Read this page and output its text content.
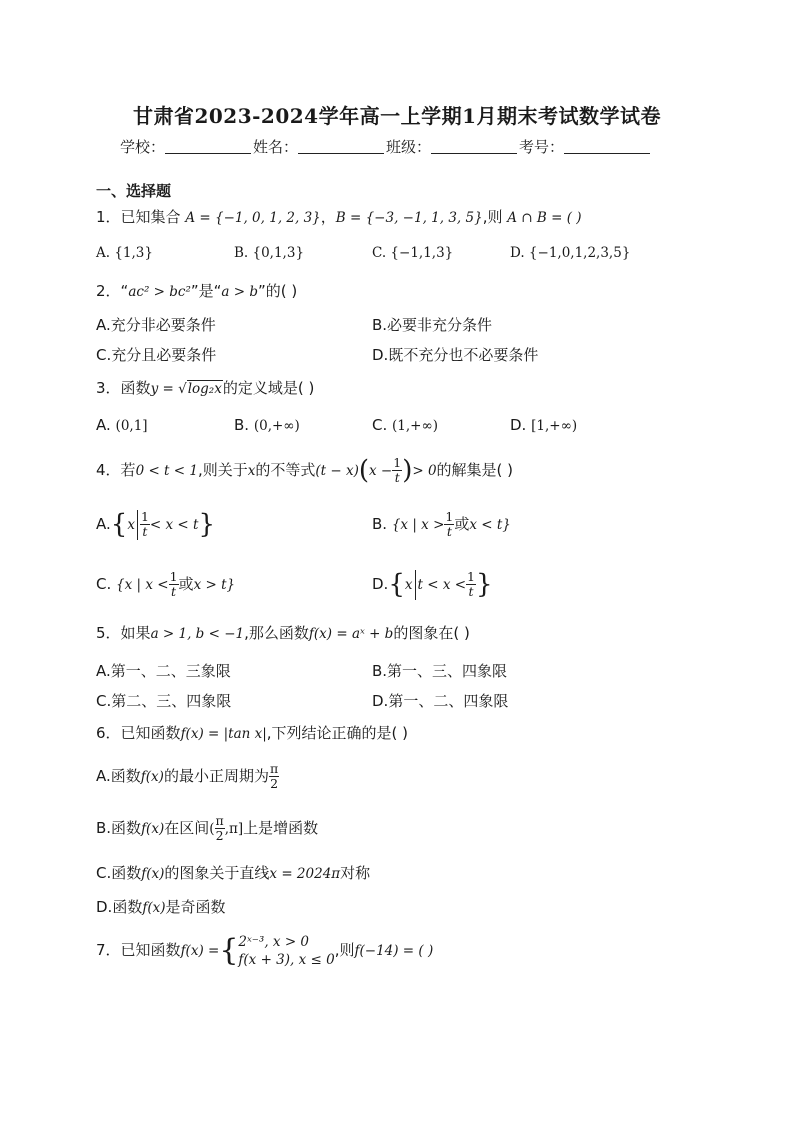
甘肃省2023-2024学年高一上学期1月期末考试数学试卷
学校：	姓名：	班级：	考号：
一、选择题
1．已知集合 A = {−1, 0, 1, 2, 3}，B = {−3, −1, 1, 3, 5},则 A ∩ B = ( )
A. {1,3}	B. {0,1,3}	C. {−1,1,3}	D. {−1,0,1,2,3,5}
2．“ac² > bc²”是“a > b”的( )
A.充分非必要条件	B.必要非充分条件
C.充分且必要条件	D.既不充分也不必要条件
3．函数y = √log₂x的定义域是( )
A. (0,1]	B. (0,+∞)	C. (1,+∞)	D. [1,+∞)
4．若0 < t < 1,则关于x的不等式$(t - x)(x - \frac{1}{t}$ )> 0的解集是( )
$A.\{x \frac{1}{t} < x < t\}$	B. {x | $x > \frac{1}{t}$ 或x < t}
C. {x | $x < \frac{1}{t}$ 或x > t}	D.{x $t < x < \frac{1}{t}$ }
5．如果a > 1, b < −1,那么函数f(x) = aˣ + b的图象在( )
A.第一、二、三象限	B.第一、三、四象限
C.第二、三、四象限	D.第一、二、四象限
6．已知函数f(x) = |tan x|,下列结论正确的是( )
A.函数f(x)的最小正周期为 $\frac{\pi}{2}$
B.函数f(x)在区间( $\frac{\pi}{2} ,\pi$]上是增函数
C.函数f(x)的图象关于直线x = 2024π对称
D.函数f(x)是奇函数
7．已知函数f(x) ={ 2ˣ⁻³, x > 0
f(x + 3), x ≤ 0
,则f(−14) = ( )
